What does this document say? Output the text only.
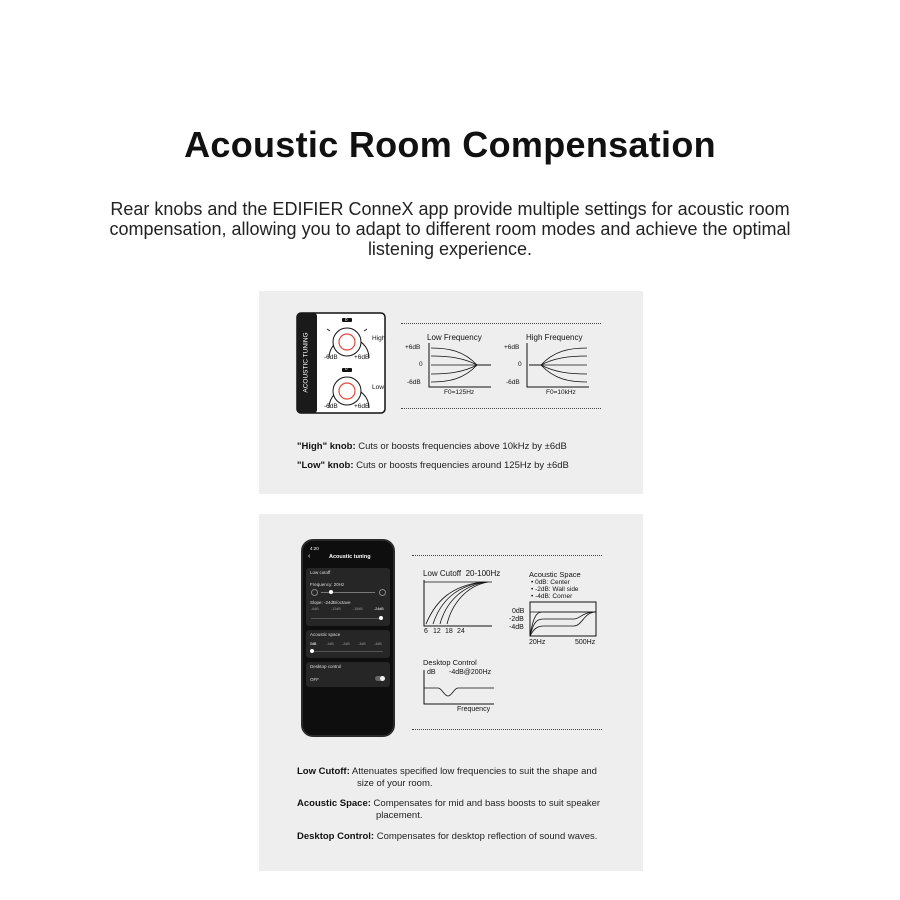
Acoustic Room Compensation
Rear knobs and the EDIFIER ConneX app provide multiple settings for acoustic room compensation, allowing you to adapt to different room modes and achieve the optimal listening experience.
ACOUSTIC TUNING	High
-6dB	+6dB
0
Low
-6dB	+6dB
0
Low Frequency
+6dB
0
-6dB
F0=125Hz
High Frequency
+6dB
0
-6dB
F0=10kHz
"High" knob: Cuts or boosts frequencies above 10kHz by ±6dB
"Low" knob: Cuts or boosts frequencies around 125Hz by ±6dB
4:20
‹	Acoustic tuning
Low cutoff
Frequency: 20Hz
Slope: -24dB/octave
-6dB	-12dB	-18dB	-24dB
Acoustic space
0dB	-1dB -2dB -3dB -4dB
Desktop control
OFF
Low Cutoff 20-100Hz
6 12 18 24
Acoustic Space
• 0dB: Center
• -2dB: Wall side
• -4dB: Corner
0dB
-2dB
-4dB
20Hz	500Hz
Desktop Control
dB -4dB@200Hz
Frequency
Low Cutoff: Attenuates specified low frequencies to suit the shape and
size of your room.
Acoustic Space: Compensates for mid and bass boosts to suit speaker
placement.
Desktop Control: Compensates for desktop reflection of sound waves.
